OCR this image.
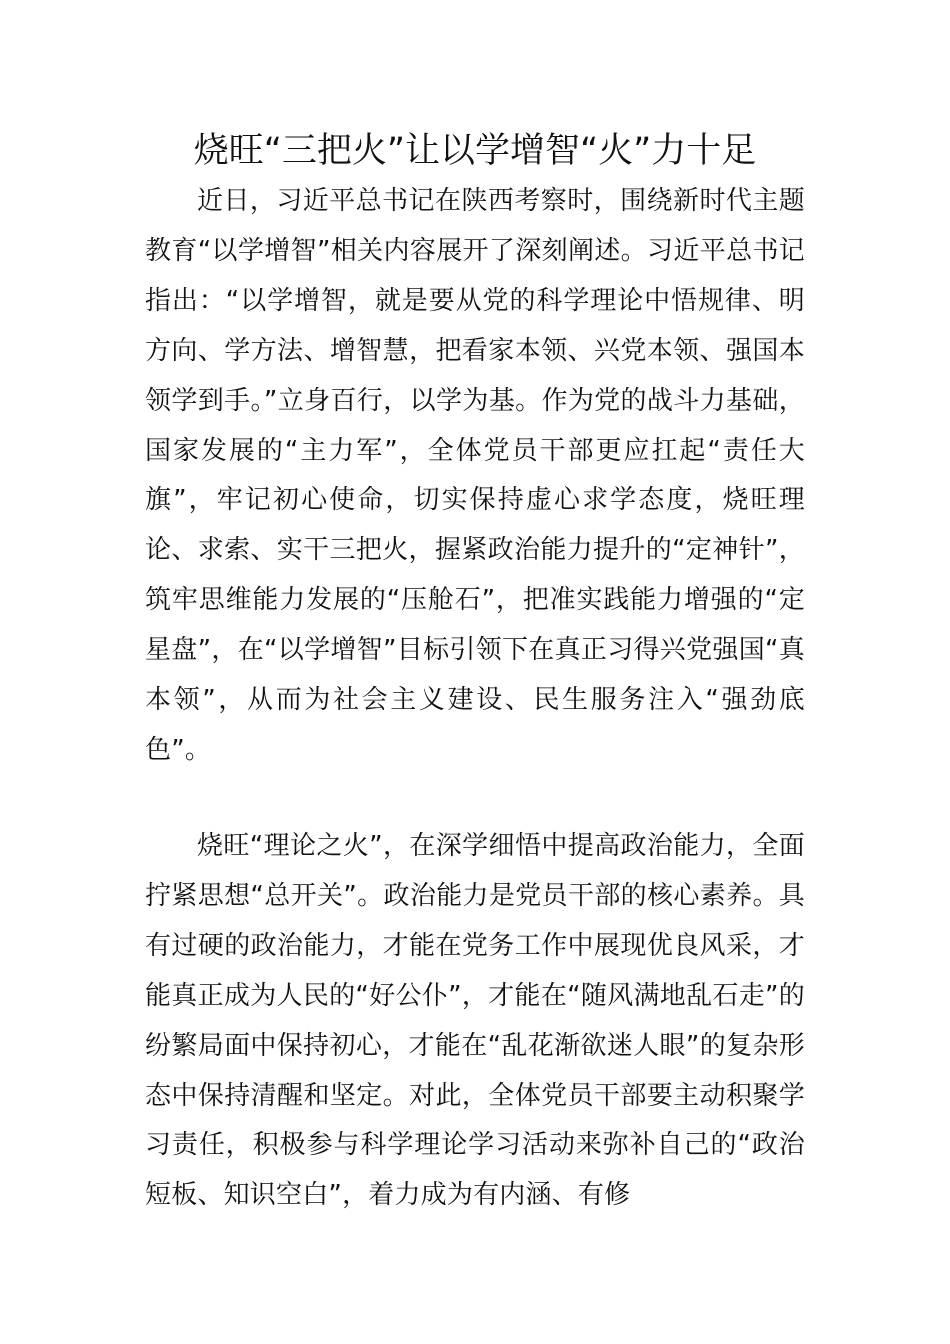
烧旺“三把火”让以学增智“火”力十足

近日，习近平总书记在陕西考察时，围绕新时代主题教育“以学增智”相关内容展开了深刻阐述。习近平总书记指出：“以学增智，就是要从党的科学理论中悟规律、明方向、学方法、增智慧，把看家本领、兴党本领、强国本领学到手。”立身百行，以学为基。作为党的战斗力基础，国家发展的“主力军”，全体党员干部更应扛起“责任大旗”，牢记初心使命，切实保持虚心求学态度，烧旺理论、求索、实干三把火，握紧政治能力提升的“定神针”，筑牢思维能力发展的“压舱石”，把准实践能力增强的“定星盘”，在“以学增智”目标引领下在真正习得兴党强国“真本领”，从而为社会主义建设、民生服务注入“强劲底色”。

烧旺“理论之火”，在深学细悟中提高政治能力，全面拧紧思想“总开关”。政治能力是党员干部的核心素养。具有过硬的政治能力，才能在党务工作中展现优良风采，才能真正成为人民的“好公仆”，才能在“随风满地乱石走”的纷繁局面中保持初心，才能在“乱花渐欲迷人眼”的复杂形态中保持清醒和坚定。对此，全体党员干部要主动积聚学习责任，积极参与科学理论学习活动来弥补自己的“政治短板、知识空白”，着力成为有内涵、有修
